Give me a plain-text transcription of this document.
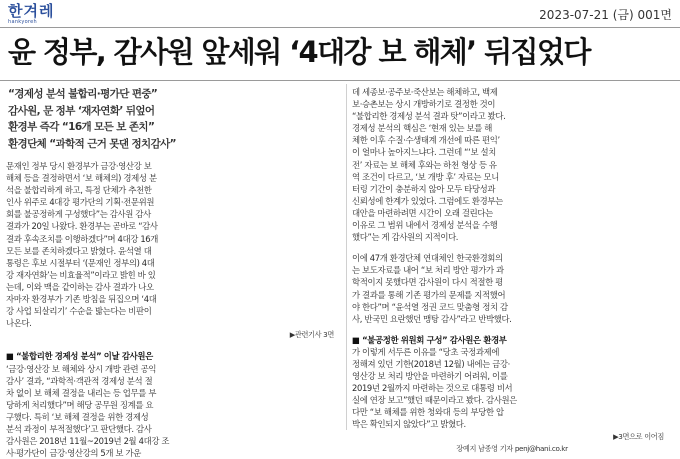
한겨레
hankyoreh	2023-07-21 (금) 001면
윤 정부, 감사원 앞세워 ‘4대강 보 해체’ 뒤집었다
“경제성 분석 불합리·평가단 편중”
감사원, 문 정부 ‘재자연화’ 뒤엎어
환경부 즉각 “16개 모든 보 존치”
환경단체 “과학적 근거 못댄 정치감사”
문재인 정부 당시 환경부가 금강·영산강 보
해체 등을 결정하면서 ‘보 해체의) 경제성 분
석을 불합리하게 하고, 특정 단체가 추천한
인사 위주로 4대강 평가단의 기획·전문위원
회를 불공정하게 구성했다”는 감사원 감사
결과가 20일 나왔다. 환경부는 곧바로 “감사
결과 후속조치를 이행하겠다”며 4대강 16개
모든 보를 존치하겠다고 밝혔다. 윤석열 대
통령은 후보 시절부터 ‘(문재인 정부의) 4대
강 재자연화’는 비효율적”이라고 밝힌 바 있
는데, 이와 맥을 같이하는 감사 결과가 나오
자마자 환경부가 기존 방침을 뒤집으며 ‘4대
강 사업 되살리기’ 수순을 밟는다는 비판이
나온다.
▶관련기사 3면
■ “불합리한 경제성 분석” 이날 감사원은
‘금강·영산강 보 해체와 상시 개방 관련 공익
감사’ 결과, “과학적·객관적 경제성 분석 절
차 없이 보 해체 결정을 내리는 등 업무를 부
당하게 처리했다”며 해당 공무원 징계를 요
구했다. 특히 ‘보 해체 결정을 위한 경제성
분석 과정이 부적절했다’고 판단했다. 감사
감사원은 2018년 11월~2019년 2월 4대강 조
사·평가단이 금강·영산강의 5개 보 가운
데 세종보·공주보·죽산보는 해체하고, 백제
보·승촌보는 상시 개방하기로 결정한 것이
“불합리한 경제성 분석 결과 탓”이라고 봤다.
경제성 분석의 핵심은 ‘현재 있는 보를 해
체한 이후 수질·수생태계 개선에 따른 편익’
이 얼마나 높아지느냐다. 그런데 “‘보 설치
전’ 자료는 보 해체 후와는 하천 형상 등 유
역 조건이 다르고, ‘보 개방 후’ 자료는 모니
터링 기간이 충분하지 않아 모두 타당성과
신뢰성에 한계가 있었다. 그럼에도 환경부는
대안을 마련하려면 시간이 오래 걸린다는
이유로 그 범위 내에서 경제성 분석을 수행
했다”는 게 감사원의 지적이다.
이에 47개 환경단체 연대체인 한국환경회의
는 보도자료를 내어 “보 처리 방안 평가가 과
학적이지 못했다면 감사원이 다시 적절한 평
가 결과를 통해 기존 평가의 문제를 지적했어
야 한다”며 “윤석열 정권 코드 맞춤형 정치 감
사, 반국민 요란했던 맹탕 감사”라고 반박했다.
■ “불공정한 위원회 구성” 감사원은 환경부
가 이렇게 서두른 이유를 “당초 국정과제에
정해져 있던 기한(2018년 12월) 내에는 금강·
영산강 보 처리 방안을 마련하기 어려워, 이를
2019년 2월까지 마련하는 것으로 대통령 비서
실에 연장 보고”했던 때문이라고 봤다. 감사원은
다만 “보 해체를 위한 청와대 등의 부당한 압
박은 확인되지 않았다”고 밝혔다.
▶3면으로 이어짐
장예지 남종영 기자 penj@hani.co.kr
